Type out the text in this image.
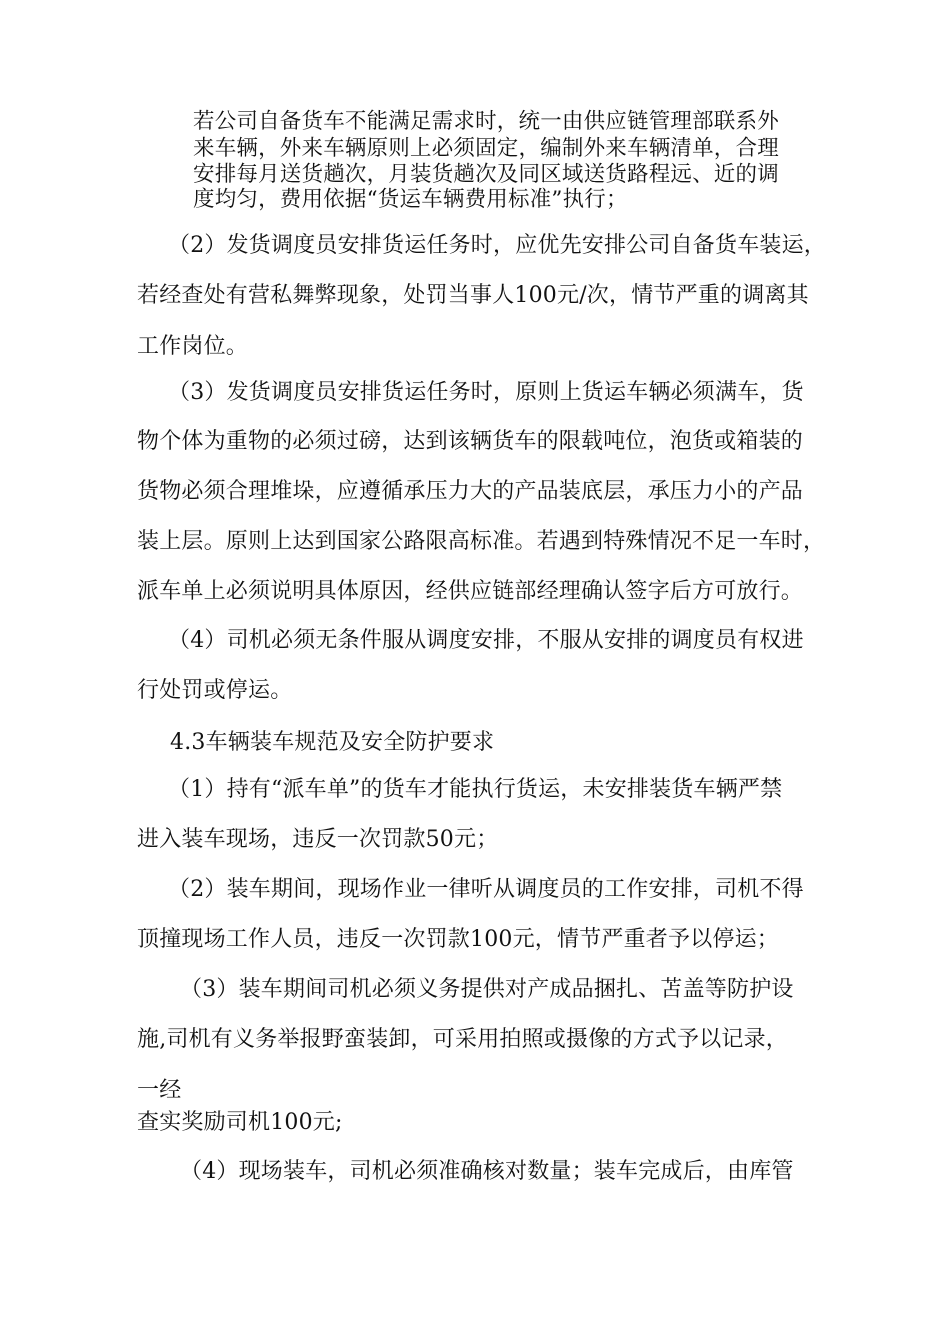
若公司自备货车不能满足需求时，统一由供应链管理部联系外
来车辆，外来车辆原则上必须固定，编制外来车辆清单，合理
安排每月送货趟次，月装货趟次及同区域送货路程远、近的调
度均匀，费用依据“货运车辆费用标准”执行；
（2）发货调度员安排货运任务时，应优先安排公司自备货车装运，
若经查处有营私舞弊现象，处罚当事人100元/次，情节严重的调离其
工作岗位。
（3）发货调度员安排货运任务时，原则上货运车辆必须满车，货
物个体为重物的必须过磅，达到该辆货车的限载吨位，泡货或箱装的
货物必须合理堆垛，应遵循承压力大的产品装底层，承压力小的产品
装上层。原则上达到国家公路限高标准。若遇到特殊情况不足一车时，
派车单上必须说明具体原因，经供应链部经理确认签字后方可放行。
（4）司机必须无条件服从调度安排，不服从安排的调度员有权进
行处罚或停运。
4.3车辆装车规范及安全防护要求
（1）持有“派车单”的货车才能执行货运，未安排装货车辆严禁
进入装车现场，违反一次罚款50元；
（2）装车期间，现场作业一律听从调度员的工作安排，司机不得
顶撞现场工作人员，违反一次罚款100元，情节严重者予以停运；
（3）装车期间司机必须义务提供对产成品捆扎、苫盖等防护设
施,司机有义务举报野蛮装卸，可采用拍照或摄像的方式予以记录，
一经
查实奖励司机100元;
（4）现场装车，司机必须准确核对数量；装车完成后，由库管
